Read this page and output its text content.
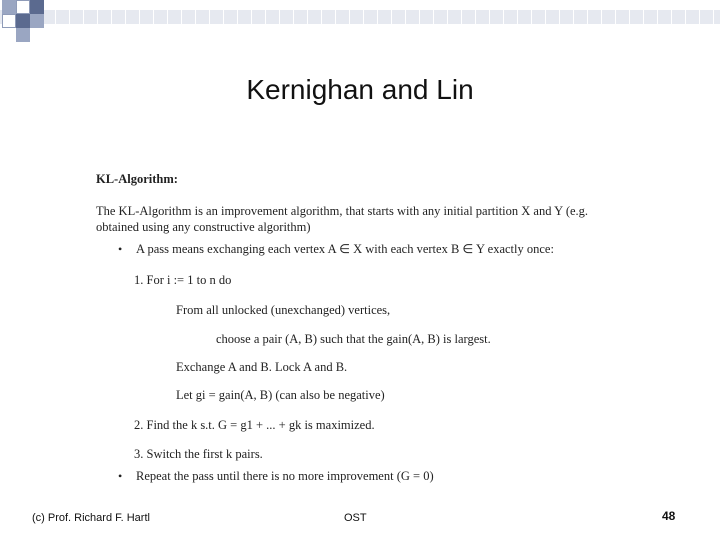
Kernighan and Lin
KL-Algorithm:
The KL-Algorithm is an improvement algorithm, that starts with any initial partition X and Y (e.g.
obtained using any constructive algorithm)
• A pass means exchanging each vertex A ∈ X with each vertex B ∈ Y exactly once:
1. For i := 1 to n do
From all unlocked (unexchanged) vertices,
choose a pair (A, B) such that the gain(A, B) is largest.
Exchange A and B. Lock A and B.
Let gi = gain(A, B) (can also be negative)
2. Find the k s.t. G = g1 + ... + gk is maximized.
3. Switch the first k pairs.
• Repeat the pass until there is no more improvement (G = 0)
(c) Prof. Richard F. Hartl	OST	48
